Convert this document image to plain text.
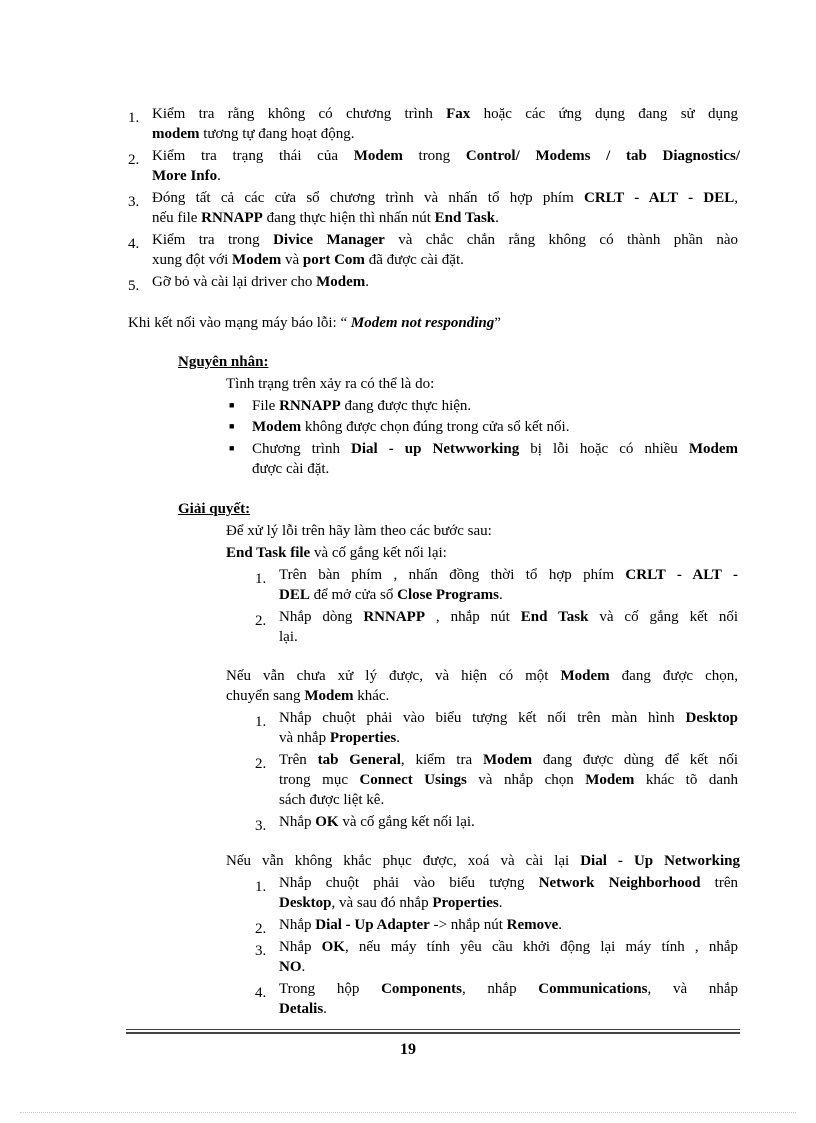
1. Kiểm tra rằng không có chương trình Fax hoặc các ứng dụng đang sử dụng
modem tương tự đang hoạt động.
2. Kiểm tra trạng thái của Modem trong Control/ Modems / tab Diagnostics/
More Info.
3. Đóng tất cả các cửa sổ chương trình và nhấn tổ hợp phím CRLT - ALT - DEL,
nếu file RNNAPP đang thực hiện thì nhấn nút End Task.
4. Kiểm tra trong Divice Manager và chắc chắn rằng không có thành phần nào
xung đột với Modem và port Com đã được cài đặt.
5. Gỡ bỏ và cài lại driver cho Modem.
Khi kết nối vào mạng máy báo lỗi: “ Modem not responding”
Nguyên nhân:
Tình trạng trên xảy ra có thể là do:
■ File RNNAPP đang được thực hiện.
■ Modem không được chọn đúng trong cửa sổ kết nối.
■ Chương trình Dial - up Netwworking bị lỗi hoặc có nhiều Modem
được cài đặt.
Giải quyết:
Để xử lý lỗi trên hãy làm theo các bước sau:
End Task file và cố gắng kết nối lại:
1. Trên bàn phím , nhấn đồng thời tổ hợp phím CRLT - ALT -
DEL để mở cửa sổ Close Programs.
2. Nhắp dòng RNNAPP , nhắp nút End Task và cố gắng kết nối
lại.
Nếu vẫn chưa xử lý được, và hiện có một Modem đang được chọn,
chuyển sang Modem khác.
1. Nhắp chuột phải vào biểu tượng kết nối trên màn hình Desktop
và nhắp Properties.
2. Trên tab General, kiểm tra Modem đang được dùng để kết nối
trong mục Connect Usings và nhắp chọn Modem khác tõ danh
sách được liệt kê.
3. Nhắp OK và cố gắng kết nối lại.
Nếu vẫn không khắc phục được, xoá và cài lại Dial - Up Networking
1. Nhắp chuột phải vào biểu tượng Network Neighborhood trên
Desktop, và sau đó nhắp Properties.
2. Nhắp Dial - Up Adapter -> nhắp nút Remove.
3. Nhắp OK, nếu máy tính yêu cầu khởi động lại máy tính , nhắp
NO.
4. Trong hộp Components, nhắp Communications, và nhắp
Detalis.
19
